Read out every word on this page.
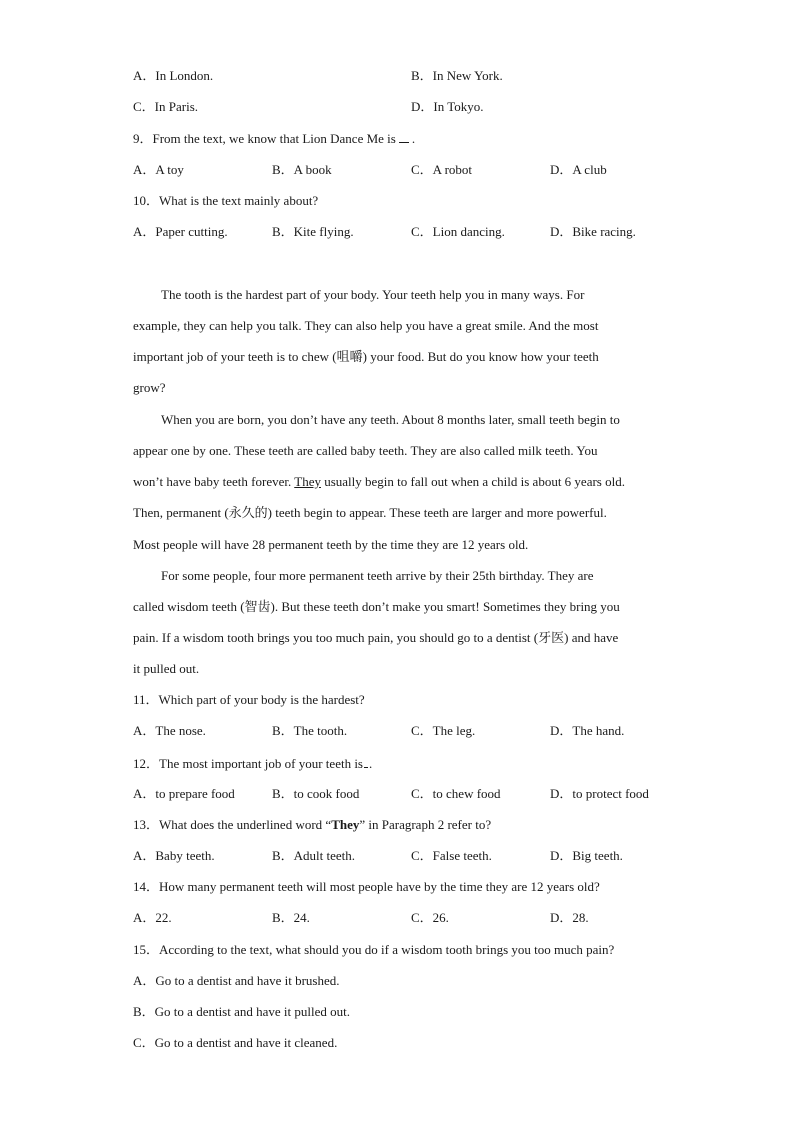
A．In London.	B．In New York.
C．In Paris.	D．In Tokyo.
9．From the text, we know that Lion Dance Me is .
A．A toy	B．A book	C．A robot	D．A club
10．What is the text mainly about?
A．Paper cutting.	B．Kite flying.	C．Lion dancing.	D．Bike racing.
The tooth is the hardest part of your body. Your teeth help you in many ways. For
example, they can help you talk. They can also help you have a great smile. And the most
important job of your teeth is to chew (咀嚼) your food. But do you know how your teeth
grow?
When you are born, you don’t have any teeth. About 8 months later, small teeth begin to
appear one by one. These teeth are called baby teeth. They are also called milk teeth. You
won’t have baby teeth forever. They usually begin to fall out when a child is about 6 years old.
Then, permanent (永久的) teeth begin to appear. These teeth are larger and more powerful.
Most people will have 28 permanent teeth by the time they are 12 years old.
For some people, four more permanent teeth arrive by their 25th birthday. They are
called wisdom teeth (智齿). But these teeth don’t make you smart! Sometimes they bring you
pain. If a wisdom tooth brings you too much pain, you should go to a dentist (牙医) and have
it pulled out.
11．Which part of your body is the hardest?
A．The nose.	B．The tooth.	C．The leg.	D．The hand.
12．The most important job of your teeth is .
A．to prepare food	B．to cook food	C．to chew food	D．to protect food
13．What does the underlined word “They” in Paragraph 2 refer to?
A．Baby teeth.	B．Adult teeth.	C．False teeth.	D．Big teeth.
14．How many permanent teeth will most people have by the time they are 12 years old?
A．22.	B．24.	C．26.	D．28.
15．According to the text, what should you do if a wisdom tooth brings you too much pain?
A．Go to a dentist and have it brushed.
B．Go to a dentist and have it pulled out.
C．Go to a dentist and have it cleaned.
